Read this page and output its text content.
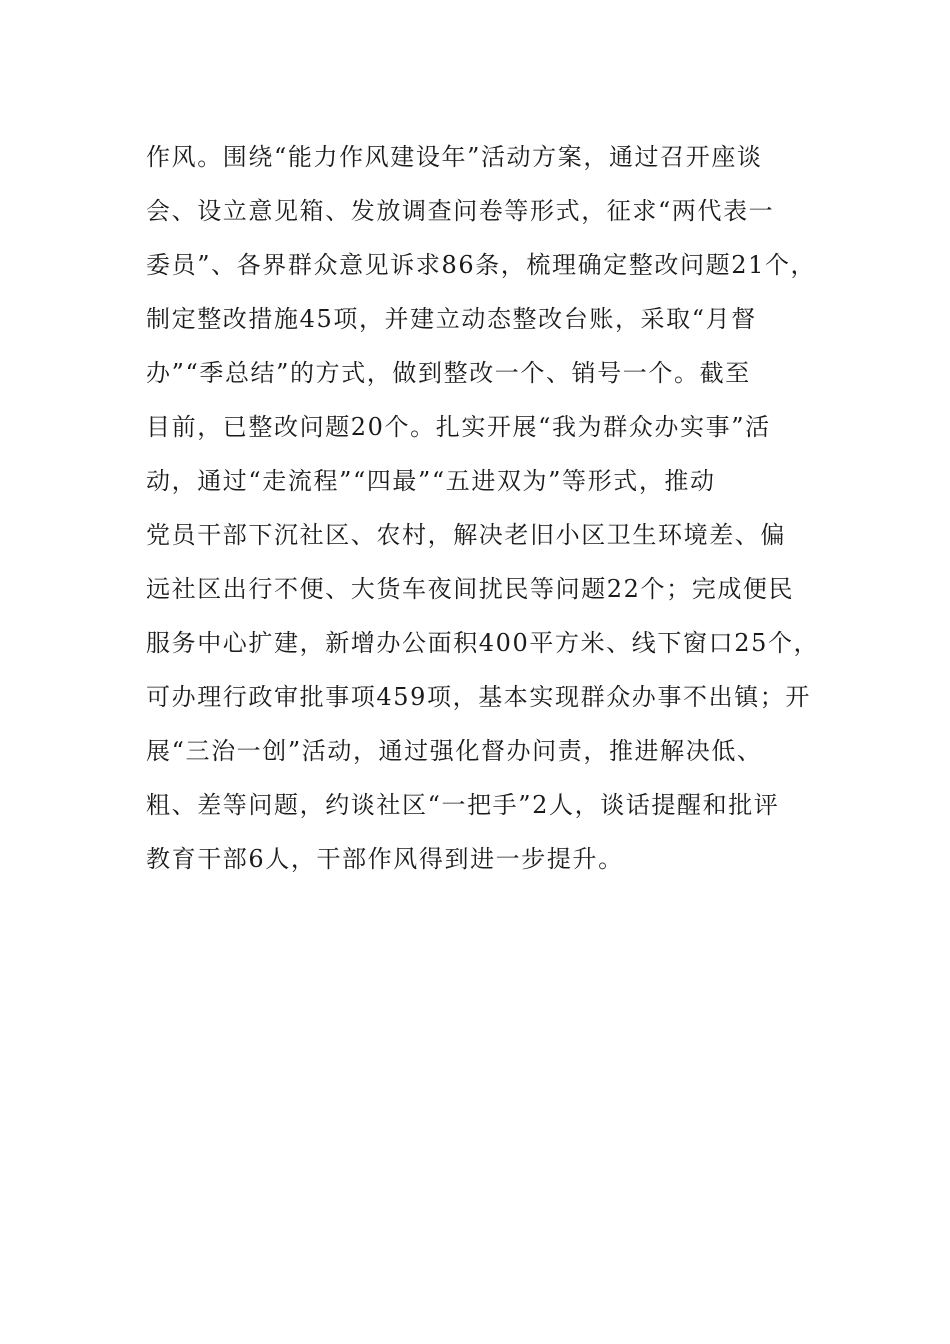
作风。围绕“能力作风建设年”活动方案，通过召开座谈
会、设立意见箱、发放调查问卷等形式，征求“两代表一
委员”、各界群众意见诉求86条，梳理确定整改问题21个，
制定整改措施45项，并建立动态整改台账，采取“月督
办”“季总结”的方式，做到整改一个、销号一个。截至
目前，已整改问题20个。扎实开展“我为群众办实事”活
动，通过“走流程”“四最”“五进双为”等形式，推动
党员干部下沉社区、农村，解决老旧小区卫生环境差、偏
远社区出行不便、大货车夜间扰民等问题22个；完成便民
服务中心扩建，新增办公面积400平方米、线下窗口25个，
可办理行政审批事项459项，基本实现群众办事不出镇；开
展“三治一创”活动，通过强化督办问责，推进解决低、
粗、差等问题，约谈社区“一把手”2人，谈话提醒和批评
教育干部6人，干部作风得到进一步提升。
